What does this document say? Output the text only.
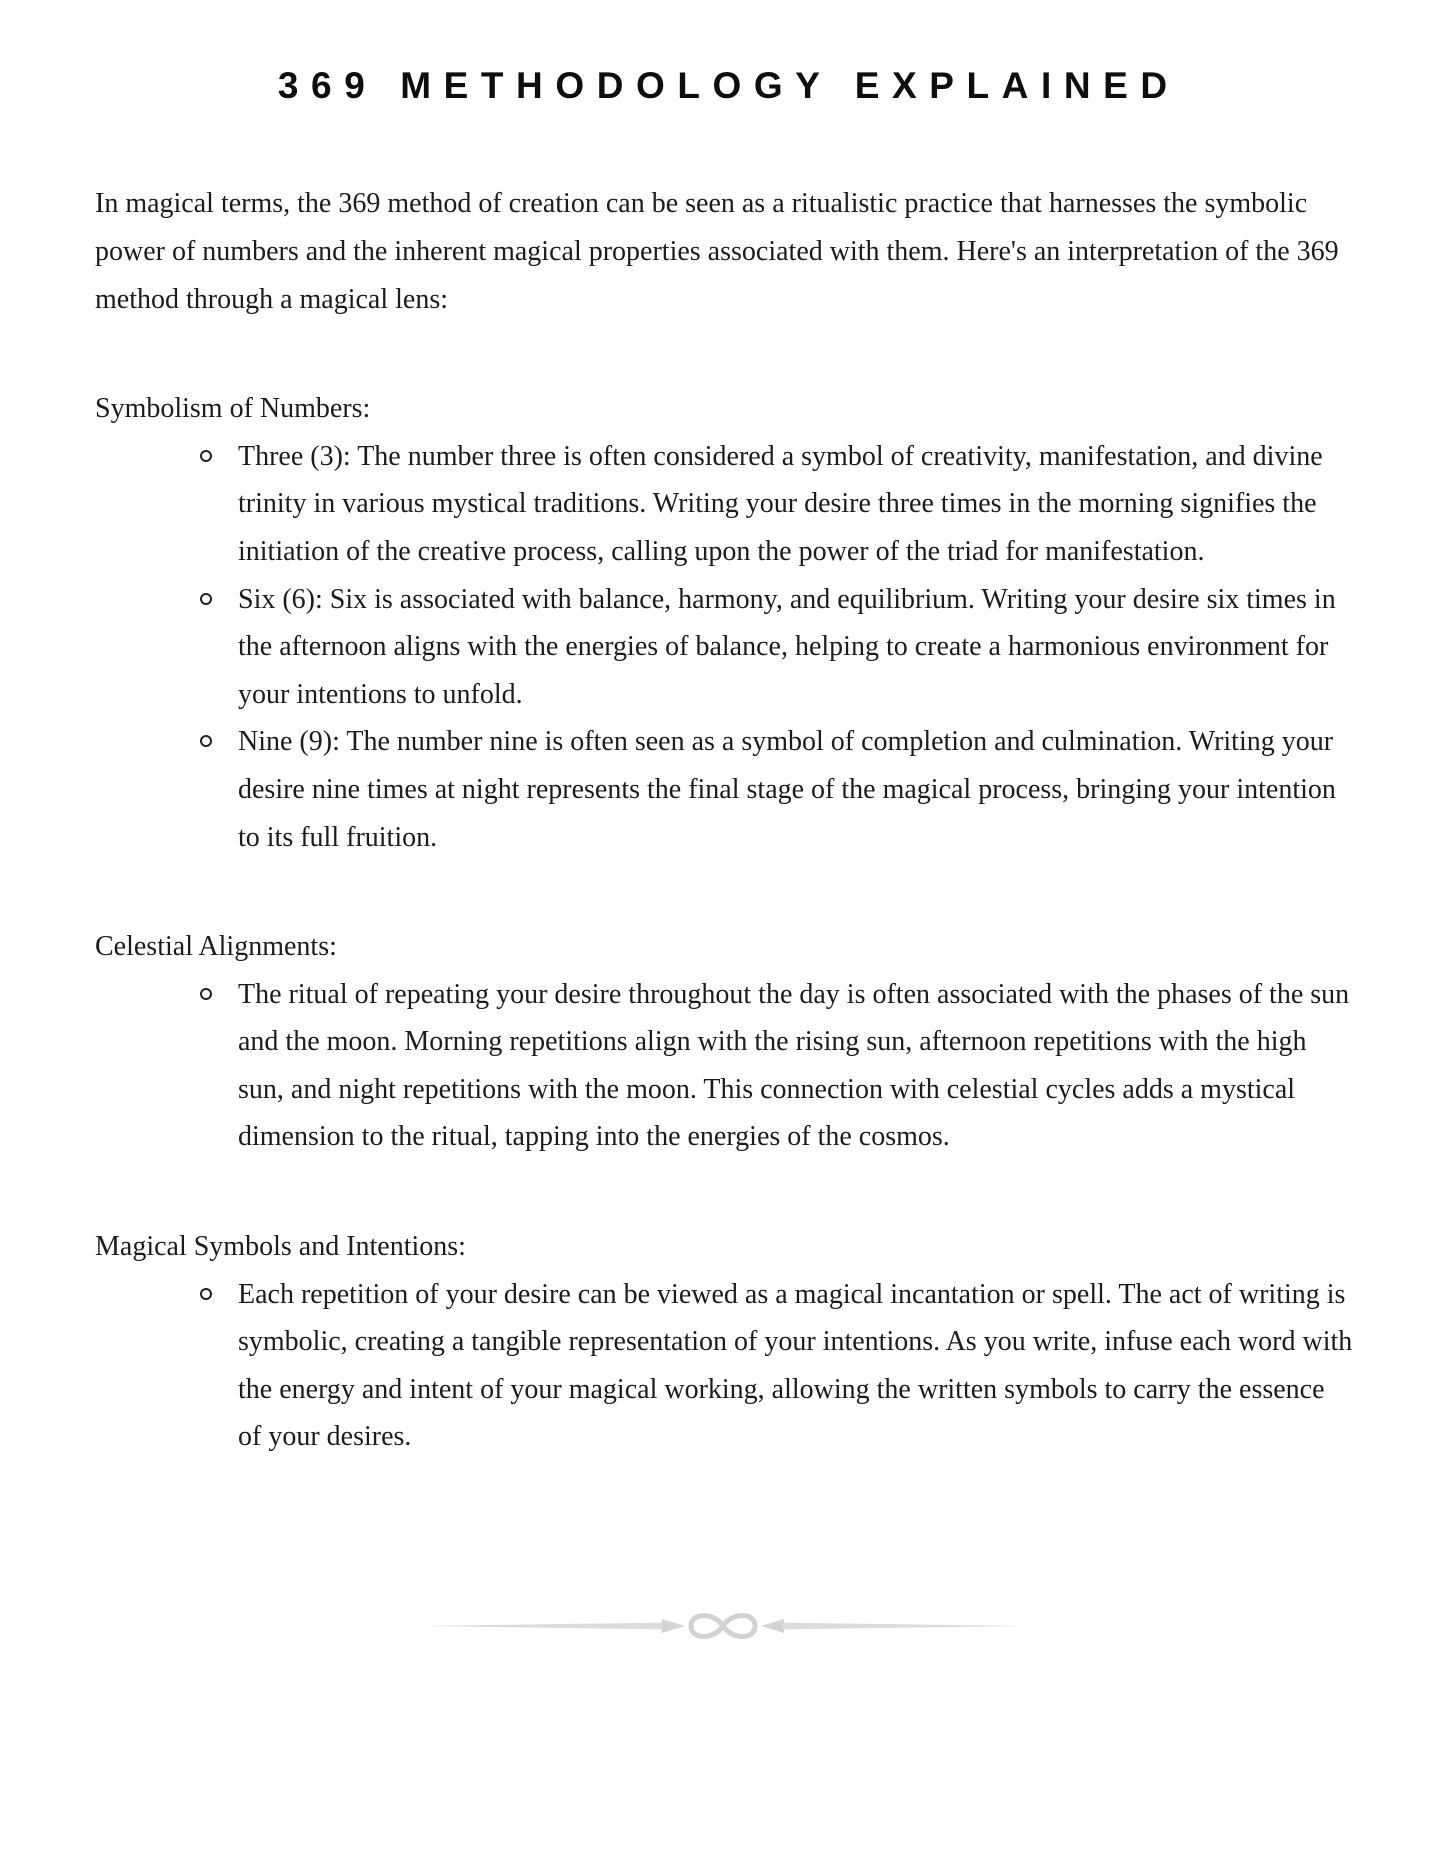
369 METHODOLOGY EXPLAINED

In magical terms, the 369 method of creation can be seen as a ritualistic practice that harnesses the symbolic power of numbers and the inherent magical properties associated with them. Here's an interpretation of the 369 method through a magical lens:

Symbolism of Numbers:
Three (3): The number three is often considered a symbol of creativity, manifestation, and divine trinity in various mystical traditions. Writing your desire three times in the morning signifies the initiation of the creative process, calling upon the power of the triad for manifestation.
Six (6): Six is associated with balance, harmony, and equilibrium. Writing your desire six times in the afternoon aligns with the energies of balance, helping to create a harmonious environment for your intentions to unfold.
Nine (9): The number nine is often seen as a symbol of completion and culmination. Writing your desire nine times at night represents the final stage of the magical process, bringing your intention to its full fruition.
Celestial Alignments:
The ritual of repeating your desire throughout the day is often associated with the phases of the sun and the moon. Morning repetitions align with the rising sun, afternoon repetitions with the high sun, and night repetitions with the moon. This connection with celestial cycles adds a mystical dimension to the ritual, tapping into the energies of the cosmos.
Magical Symbols and Intentions:
Each repetition of your desire can be viewed as a magical incantation or spell. The act of writing is symbolic, creating a tangible representation of your intentions. As you write, infuse each word with the energy and intent of your magical working, allowing the written symbols to carry the essence of your desires.
